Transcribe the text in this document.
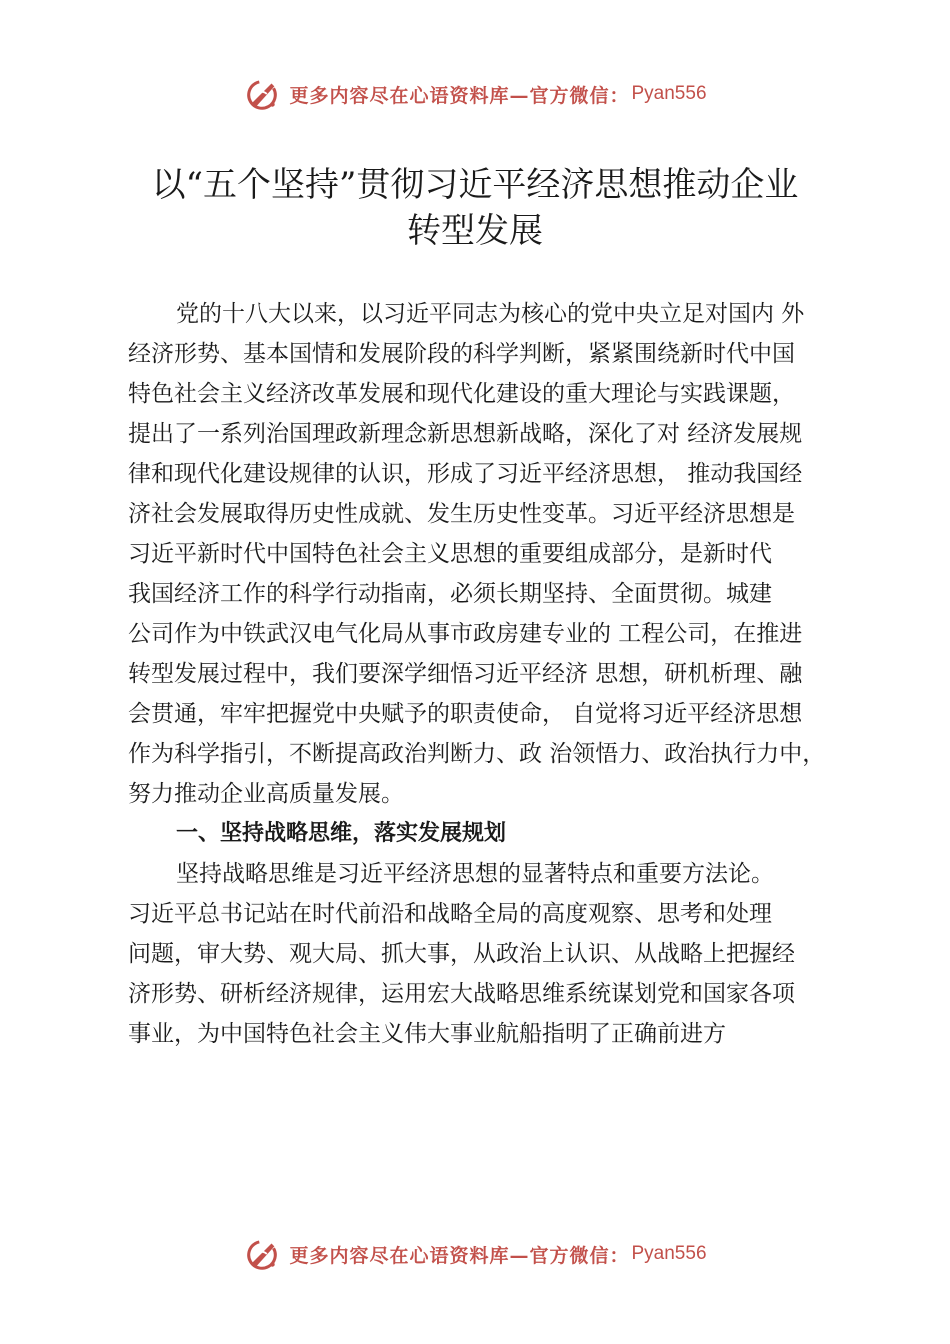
更多内容尽在心语资料库—官方微信： Pyan556
以“五个坚持”贯彻习近平经济思想推动企业
转型发展
党的十八大以来，以习近平同志为核心的党中央立足对国内 外
经济形势、基本国情和发展阶段的科学判断，紧紧围绕新时代中国
特色社会主义经济改革发展和现代化建设的重大理论与实践课题，
提出了一系列治国理政新理念新思想新战略，深化了对 经济发展规
律和现代化建设规律的认识，形成了习近平经济思想， 推动我国经
济社会发展取得历史性成就、发生历史性变革。习近平经济思想是
习近平新时代中国特色社会主义思想的重要组成部分，是新时代
我国经济工作的科学行动指南，必须长期坚持、全面贯彻。城建
公司作为中铁武汉电气化局从事市政房建专业的 工程公司，在推进
转型发展过程中，我们要深学细悟习近平经济 思想，研机析理、融
会贯通，牢牢把握党中央赋予的职责使命， 自觉将习近平经济思想
作为科学指引，不断提高政治判断力、政 治领悟力、政治执行力中，
努力推动企业高质量发展。
一、坚持战略思维，落实发展规划
坚持战略思维是习近平经济思想的显著特点和重要方法论。
习近平总书记站在时代前沿和战略全局的高度观察、思考和处理
问题，审大势、观大局、抓大事，从政治上认识、从战略上把握经
济形势、研析经济规律，运用宏大战略思维系统谋划党和国家各项
事业，为中国特色社会主义伟大事业航船指明了正确前进方
更多内容尽在心语资料库—官方微信： Pyan556
